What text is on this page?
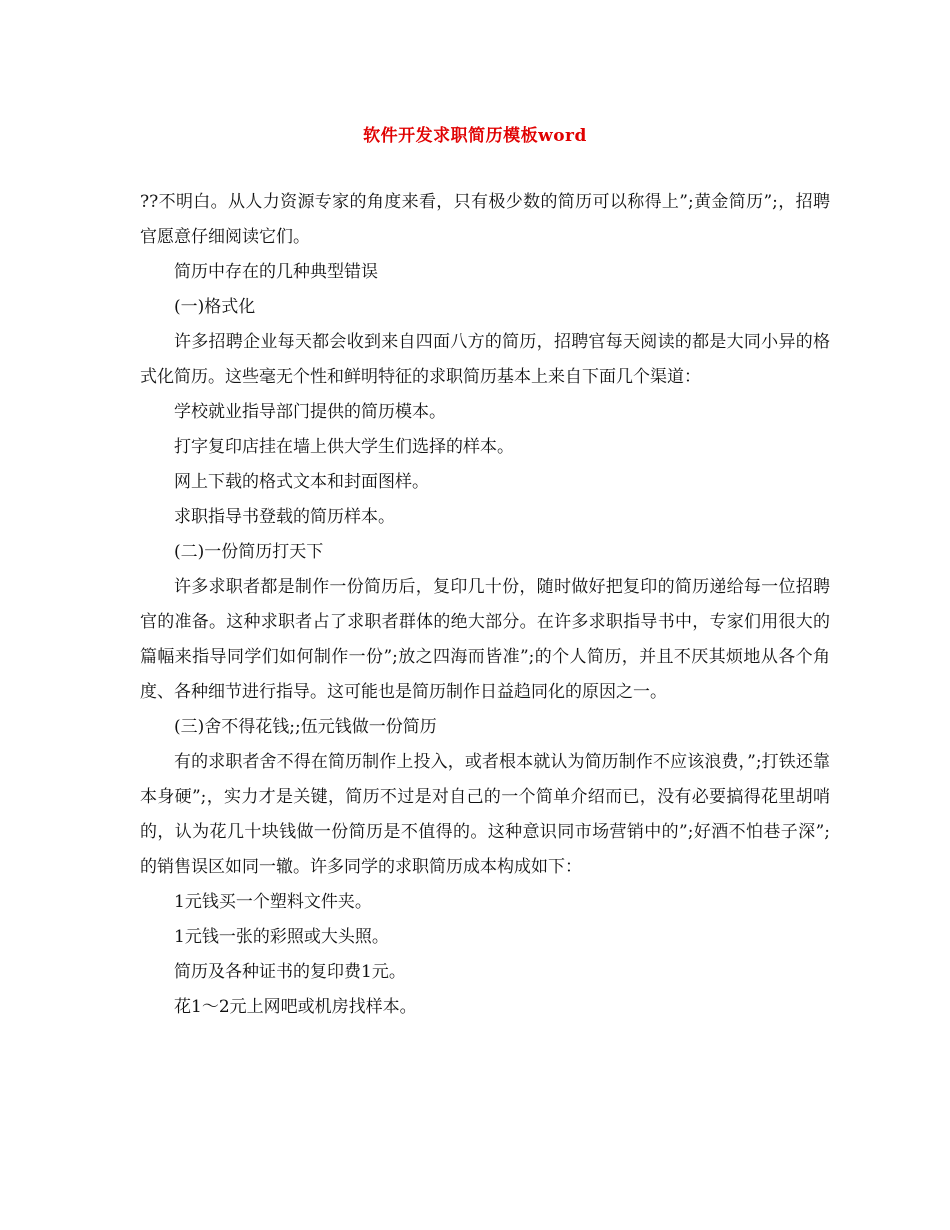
软件开发求职简历模板word

??不明白。从人力资源专家的角度来看，只有极少数的简历可以称得上”;黄金简历”;，招聘官愿意仔细阅读它们。

简历中存在的几种典型错误

(一)格式化

许多招聘企业每天都会收到来自四面八方的简历，招聘官每天阅读的都是大同小异的格式化简历。这些毫无个性和鲜明特征的求职简历基本上来自下面几个渠道：

学校就业指导部门提供的简历模本。

打字复印店挂在墙上供大学生们选择的样本。

网上下载的格式文本和封面图样。

求职指导书登载的简历样本。

(二)一份简历打天下

许多求职者都是制作一份简历后，复印几十份，随时做好把复印的简历递给每一位招聘官的准备。这种求职者占了求职者群体的绝大部分。在许多求职指导书中，专家们用很大的篇幅来指导同学们如何制作一份”;放之四海而皆准”;的个人简历，并且不厌其烦地从各个角度、各种细节进行指导。这可能也是简历制作日益趋同化的原因之一。

(三)舍不得花钱;;伍元钱做一份简历

有的求职者舍不得在简历制作上投入，或者根本就认为简历制作不应该浪费，”;打铁还靠本身硬”;，实力才是关键，简历不过是对自己的一个简单介绍而已，没有必要搞得花里胡哨的，认为花几十块钱做一份简历是不值得的。这种意识同市场营销中的”;好酒不怕巷子深”;的销售误区如同一辙。许多同学的求职简历成本构成如下：

1元钱买一个塑料文件夹。

1元钱一张的彩照或大头照。

简历及各种证书的复印费1元。

花1～2元上网吧或机房找样本。
